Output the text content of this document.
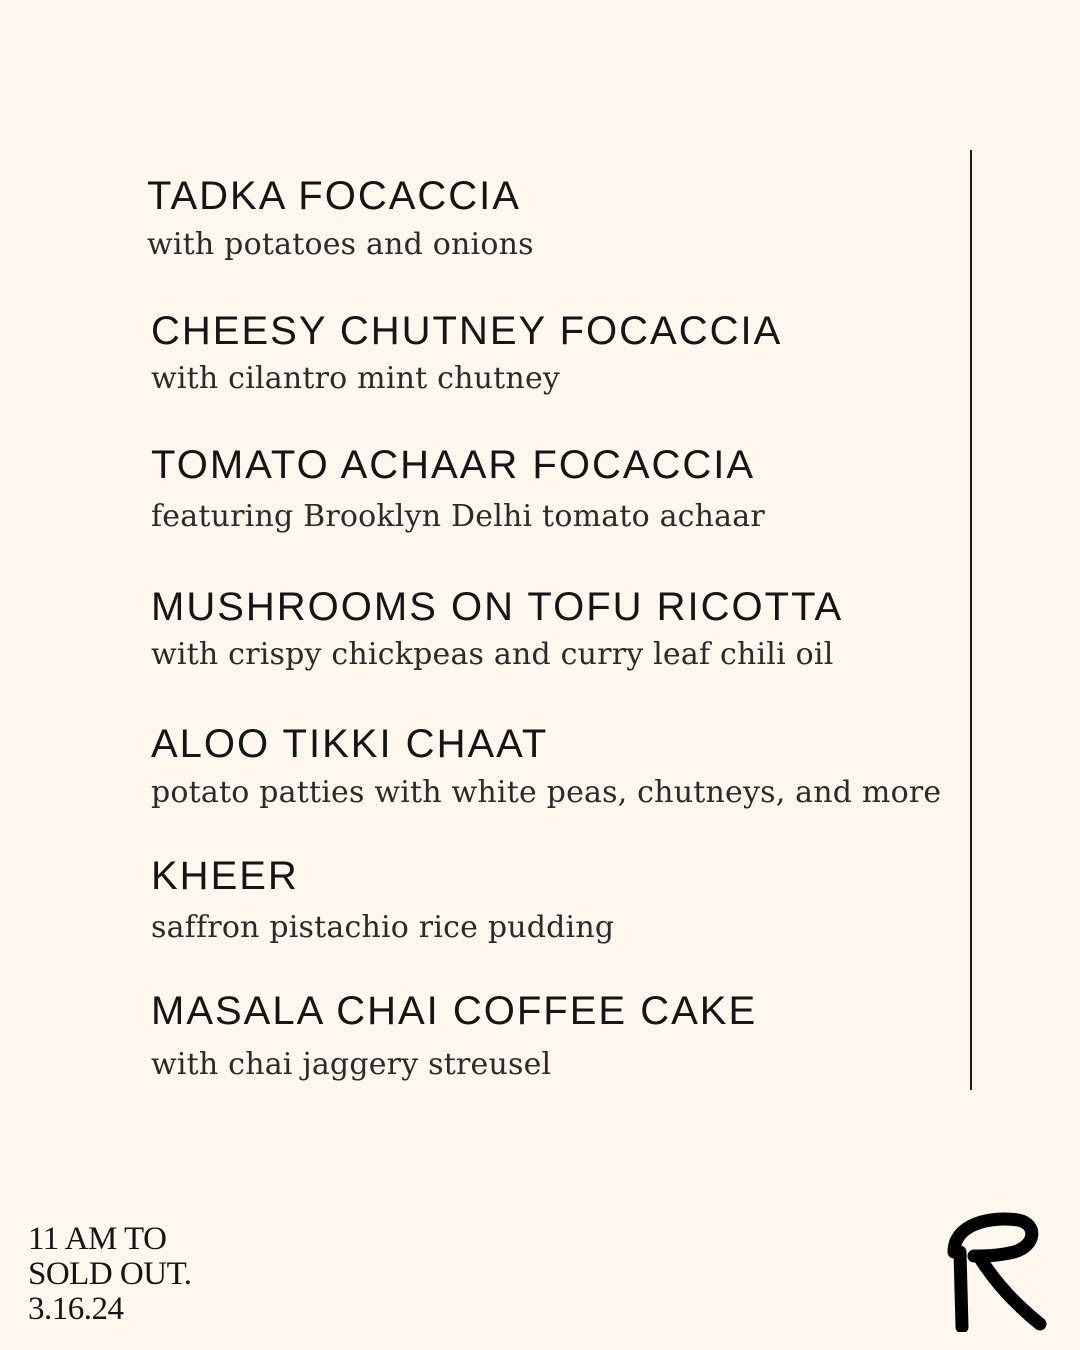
TADKA FOCACCIA
with potatoes and onions
CHEESY CHUTNEY FOCACCIA
with cilantro mint chutney
TOMATO ACHAAR FOCACCIA
featuring Brooklyn Delhi tomato achaar
MUSHROOMS ON TOFU RICOTTA
with crispy chickpeas and curry leaf chili oil
ALOO TIKKI CHAAT
potato patties with white peas, chutneys, and more
KHEER
saffron pistachio rice pudding
MASALA CHAI COFFEE CAKE
with chai jaggery streusel
11 AM TO
SOLD OUT.
3.16.24
